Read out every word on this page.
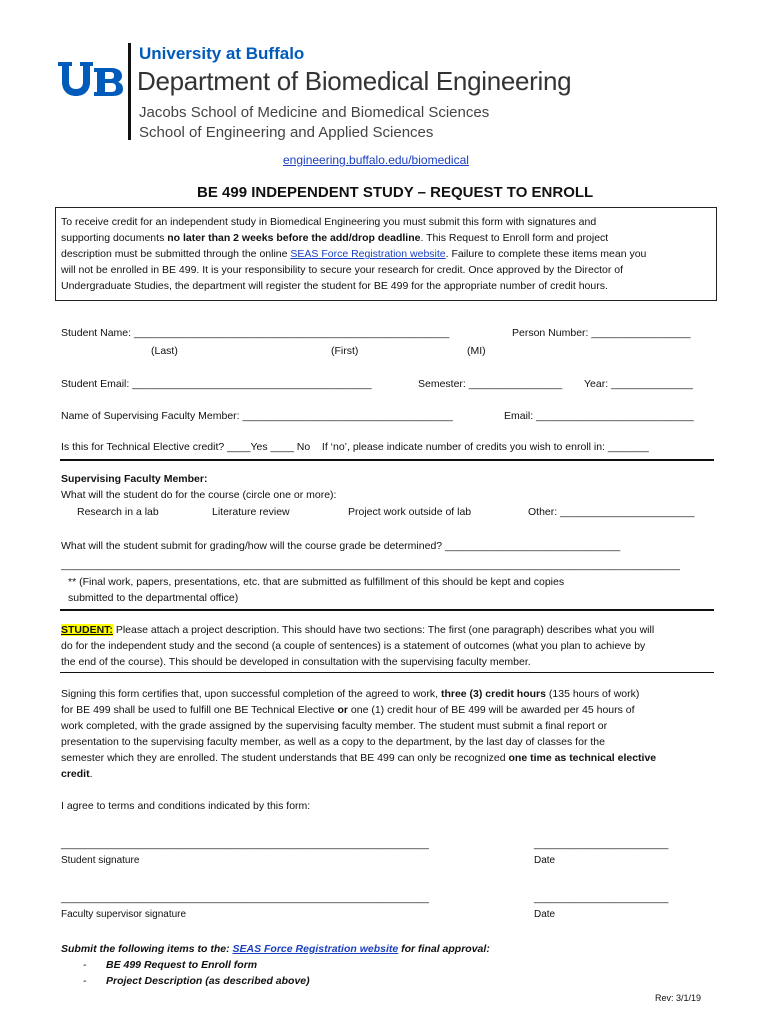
University at Buffalo
Department of Biomedical Engineering
Jacobs School of Medicine and Biomedical Sciences
School of Engineering and Applied Sciences
engineering.buffalo.edu/biomedical
BE 499 INDEPENDENT STUDY – REQUEST TO ENROLL
To receive credit for an independent study in Biomedical Engineering you must submit this form with signatures and
supporting documents no later than 2 weeks before the add/drop deadline. This Request to Enroll form and project
description must be submitted through the online SEAS Force Registration website. Failure to complete these items mean you
will not be enrolled in BE 499. It is your responsibility to secure your research for credit. Once approved by the Director of
Undergraduate Studies, the department will register the student for BE 499 for the appropriate number of credit hours.
Student Name: ______________________________________________________	Person Number: _________________
(Last)	(First)	(MI)
Student Email: _________________________________________	Semester: ________________ Year: ______________
Name of Supervising Faculty Member: ____________________________________	Email: ___________________________
Is this for Technical Elective credit? ____Yes ____ No    If ‘no’, please indicate number of credits you wish to enroll in: _______
Supervising Faculty Member:
What will the student do for the course (circle one or more):
Research in a lab	Literature review	Project work outside of lab	Other: _______________________
What will the student submit for grading/how will the course grade be determined? ______________________________
__________________________________________________________________________________________________________
** (Final work, papers, presentations, etc. that are submitted as fulfillment of this should be kept and copies
submitted to the departmental office)
STUDENT: Please attach a project description. This should have two sections: The first (one paragraph) describes what you will
do for the independent study and the second (a couple of sentences) is a statement of outcomes (what you plan to achieve by
the end of the course). This should be developed in consultation with the supervising faculty member.
Signing this form certifies that, upon successful completion of the agreed to work, three (3) credit hours (135 hours of work)
for BE 499 shall be used to fulfill one BE Technical Elective or one (1) credit hour of BE 499 will be awarded per 45 hours of
work completed, with the grade assigned by the supervising faculty member. The student must submit a final report or
presentation to the supervising faculty member, as well as a copy to the department, by the last day of classes for the
semester which they are enrolled. The student understands that BE 499 can only be recognized one time as technical elective
credit.
I agree to terms and conditions indicated by this form:
_______________________________________________________________	_______________________
Student signature	Date
_______________________________________________________________	_______________________
Faculty supervisor signature	Date
Submit the following items to the: SEAS Force Registration website for final approval:
- BE 499 Request to Enroll form
- Project Description (as described above)
Rev: 3/1/19
